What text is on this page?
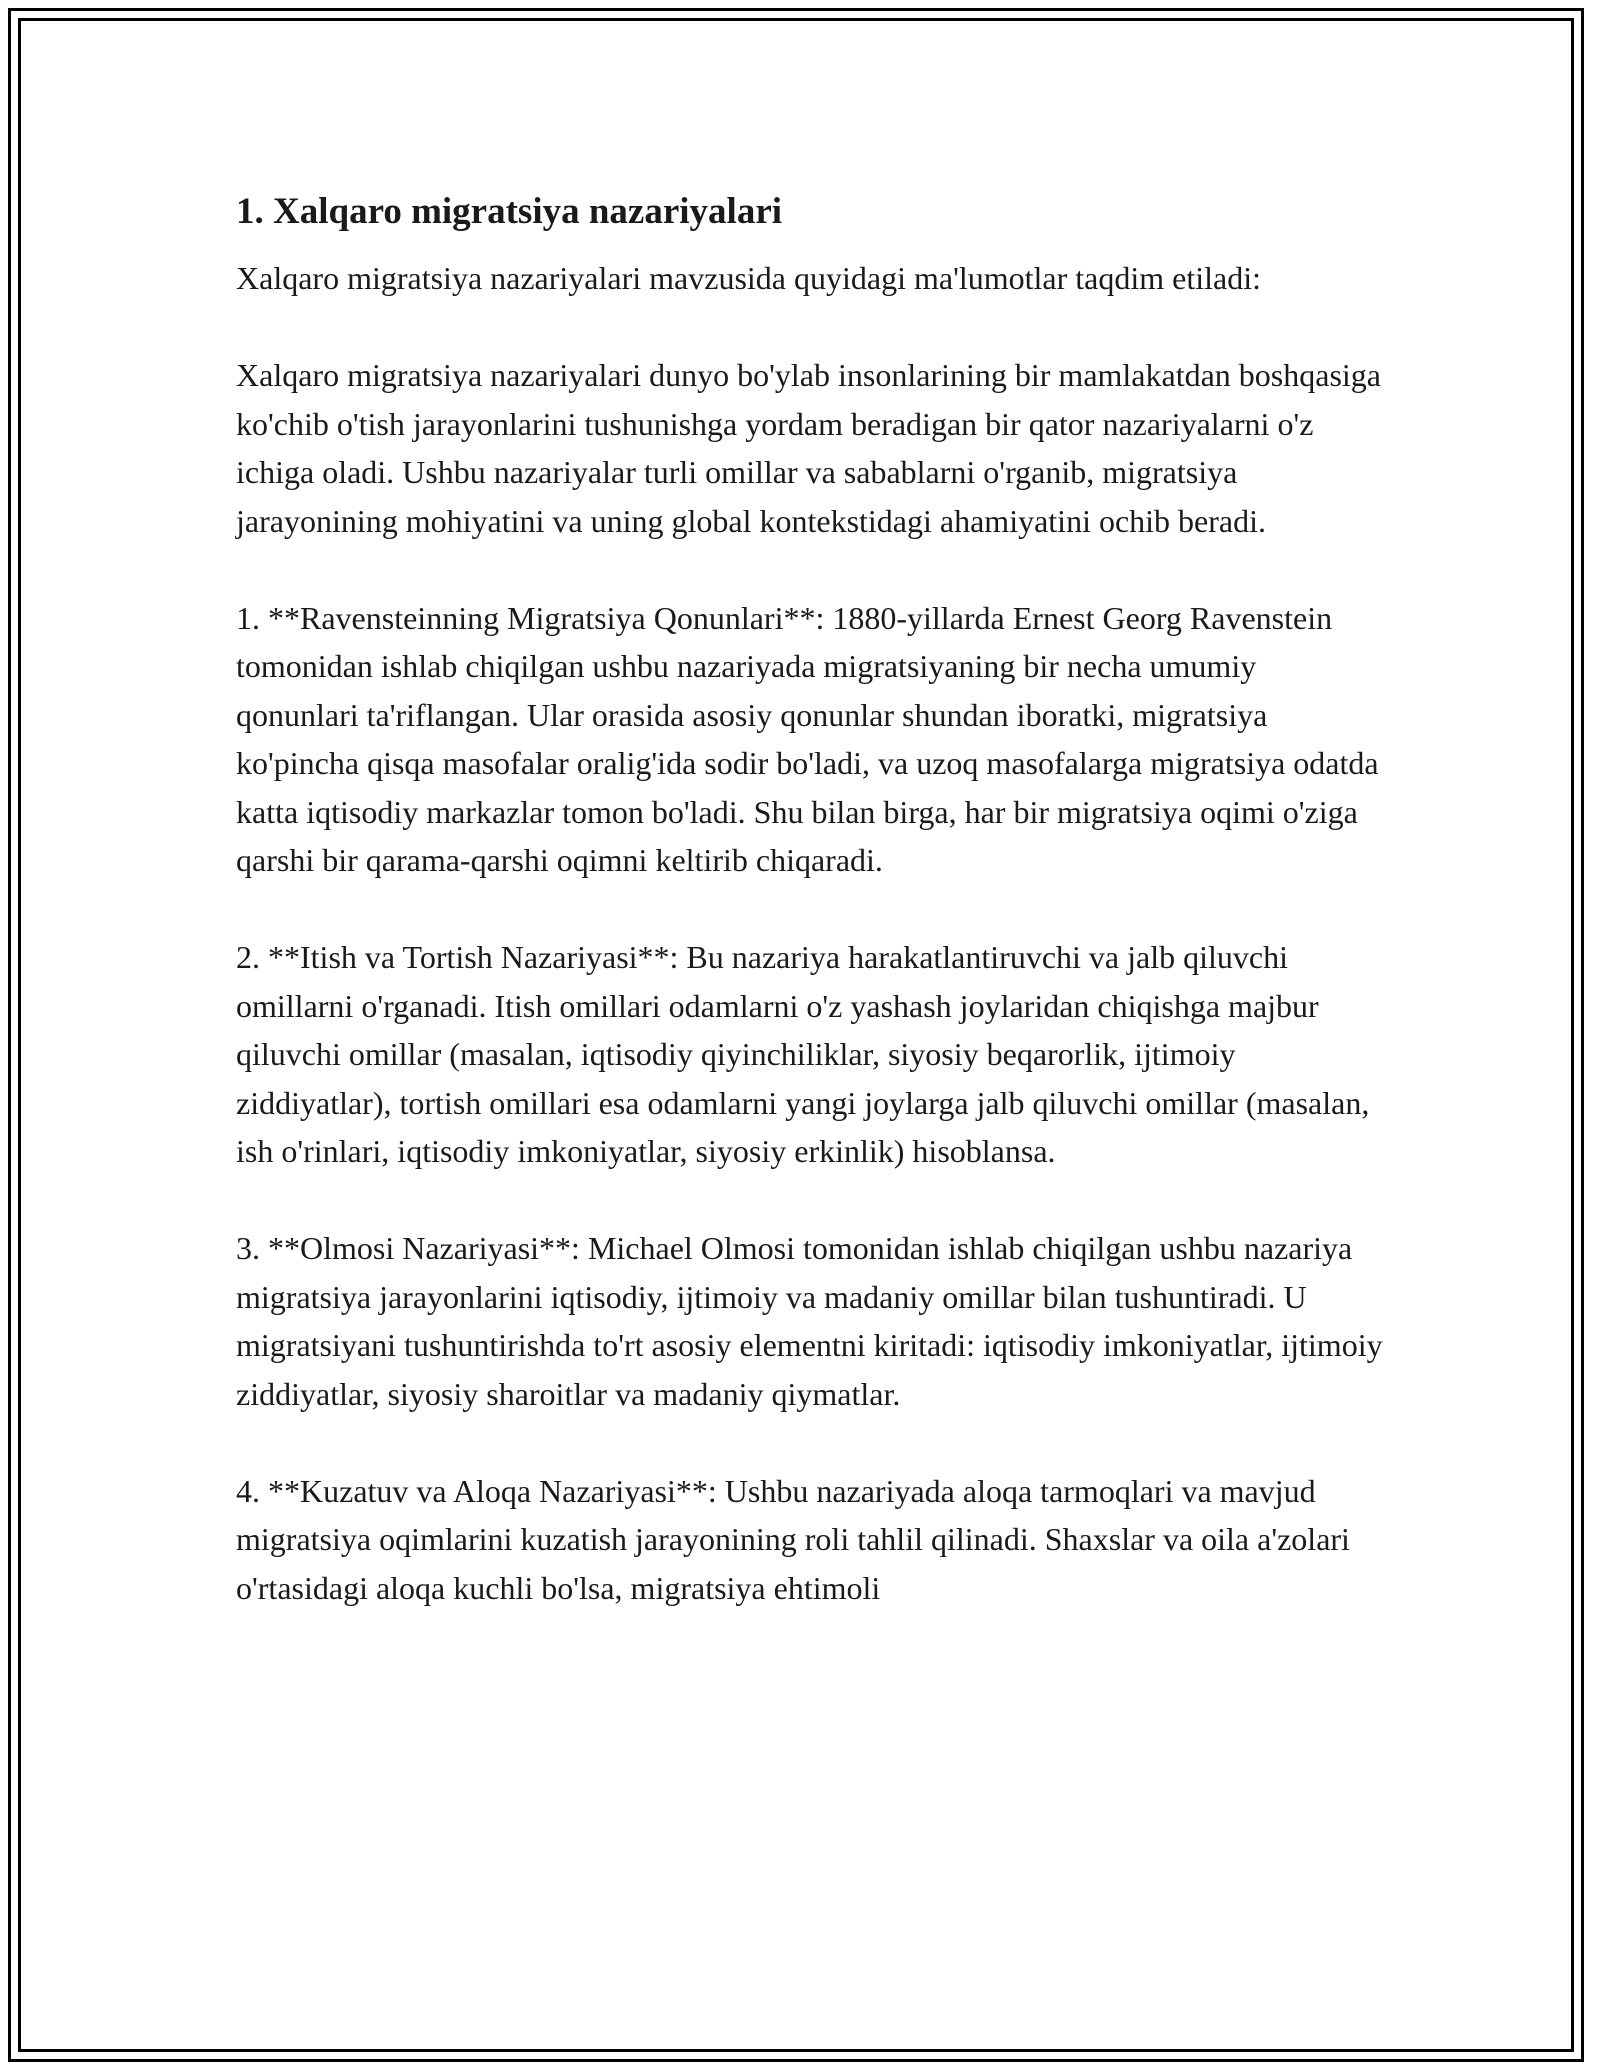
1. Xalqaro migratsiya nazariyalari

Xalqaro migratsiya nazariyalari mavzusida quyidagi ma'lumotlar taqdim etiladi:

Xalqaro migratsiya nazariyalari dunyo bo'ylab insonlarining bir mamlakatdan boshqasiga ko'chib o'tish jarayonlarini tushunishga yordam beradigan bir qator nazariyalarni o'z ichiga oladi. Ushbu nazariyalar turli omillar va sabablarni o'rganib, migratsiya jarayonining mohiyatini va uning global kontekstidagi ahamiyatini ochib beradi.

1. **Ravensteinning Migratsiya Qonunlari**: 1880-yillarda Ernest Georg Ravenstein tomonidan ishlab chiqilgan ushbu nazariyada migratsiyaning bir necha umumiy qonunlari ta'riflangan. Ular orasida asosiy qonunlar shundan iboratki, migratsiya ko'pincha qisqa masofalar oralig'ida sodir bo'ladi, va uzoq masofalarga migratsiya odatda katta iqtisodiy markazlar tomon bo'ladi. Shu bilan birga, har bir migratsiya oqimi o'ziga qarshi bir qarama-qarshi oqimni keltirib chiqaradi.

2. **Itish va Tortish Nazariyasi**: Bu nazariya harakatlantiruvchi va jalb qiluvchi omillarni o'rganadi. Itish omillari odamlarni o'z yashash joylaridan chiqishga majbur qiluvchi omillar (masalan, iqtisodiy qiyinchiliklar, siyosiy beqarorlik, ijtimoiy ziddiyatlar), tortish omillari esa odamlarni yangi joylarga jalb qiluvchi omillar (masalan, ish o'rinlari, iqtisodiy imkoniyatlar, siyosiy erkinlik) hisoblansa.

3. **Olmosi Nazariyasi**: Michael Olmosi tomonidan ishlab chiqilgan ushbu nazariya migratsiya jarayonlarini iqtisodiy, ijtimoiy va madaniy omillar bilan tushuntiradi. U migratsiyani tushuntirishda to'rt asosiy elementni kiritadi: iqtisodiy imkoniyatlar, ijtimoiy ziddiyatlar, siyosiy sharoitlar va madaniy qiymatlar.

4. **Kuzatuv va Aloqa Nazariyasi**: Ushbu nazariyada aloqa tarmoqlari va mavjud migratsiya oqimlarini kuzatish jarayonining roli tahlil qilinadi. Shaxslar va oila a'zolari o'rtasidagi aloqa kuchli bo'lsa, migratsiya ehtimoli
